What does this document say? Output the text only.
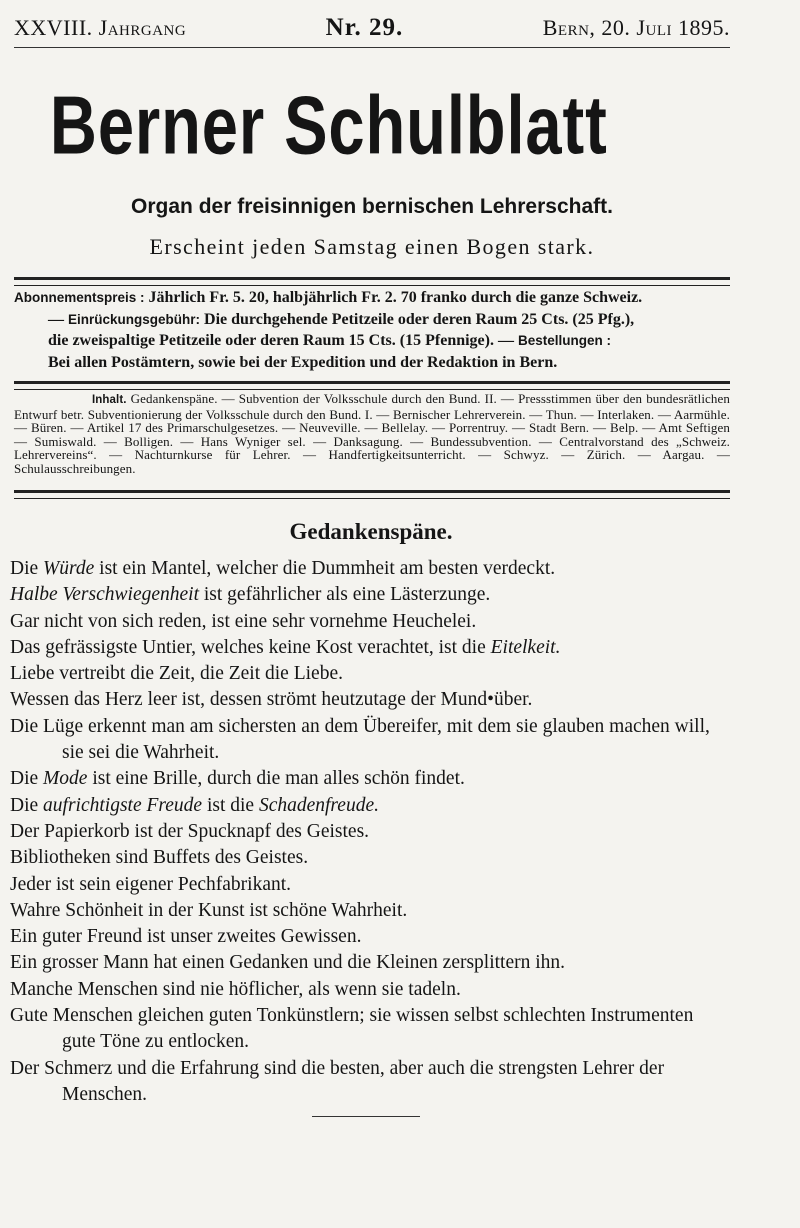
XXVIII. Jahrgang	Nr. 29.	Bern, 20. Juli 1895.
Berner Schulblatt
Organ der freisinnigen bernischen Lehrerschaft.
Erscheint jeden Samstag einen Bogen stark.

Abonnementspreis : Jährlich Fr. 5. 20, halbjährlich Fr. 2. 70 franko durch die ganze Schweiz.

— Einrückungsgebühr: Die durchgehende Petitzeile oder deren Raum 25 Cts. (25 Pfg.),

die zweispaltige Petitzeile oder deren Raum 15 Cts. (15 Pfennige). — Bestellungen :

Bei allen Postämtern, sowie bei der Expedition und der Redaktion in Bern.

Inhalt. Gedankenspäne. — Subvention der Volksschule durch den Bund. II. — Pressstimmen über den bundesrätlichen Entwurf betr. Subventionierung der Volksschule durch den Bund. I. — Bernischer Lehrerverein. — Thun. — Interlaken. — Aarmühle. — Büren. — Artikel 17 des Primarschulgesetzes. — Neuveville. — Bellelay. — Porrentruy. — Stadt Bern. — Belp. — Amt Seftigen — Sumiswald. — Bolligen. — Hans Wyniger sel. — Danksagung. — Bundessubvention. — Centralvorstand des „Schweiz. Lehrervereins“. — Nachturnkurse für Lehrer. — Handfertigkeitsunterricht. — Schwyz. — Zürich. — Aargau. — Schulausschreibungen.
Gedankenspäne.
Die Würde ist ein Mantel, welcher die Dummheit am besten verdeckt.
Halbe Verschwiegenheit ist gefährlicher als eine Lästerzunge.
Gar nicht von sich reden, ist eine sehr vornehme Heuchelei.
Das gefrässigste Untier, welches keine Kost verachtet, ist die Eitelkeit.
Liebe vertreibt die Zeit, die Zeit die Liebe.
Wessen das Herz leer ist, dessen strömt heutzutage der Mund•über.
Die Lüge erkennt man am sichersten an dem Übereifer, mit dem sie glauben machen will, sie sei die Wahrheit.
Die Mode ist eine Brille, durch die man alles schön findet.
Die aufrichtigste Freude ist die Schadenfreude.
Der Papierkorb ist der Spucknapf des Geistes.
Bibliotheken sind Buffets des Geistes.
Jeder ist sein eigener Pechfabrikant.
Wahre Schönheit in der Kunst ist schöne Wahrheit.
Ein guter Freund ist unser zweites Gewissen.
Ein grosser Mann hat einen Gedanken und die Kleinen zersplittern ihn.
Manche Menschen sind nie höflicher, als wenn sie tadeln.
Gute Menschen gleichen guten Tonkünstlern; sie wissen selbst schlechten Instrumenten gute Töne zu entlocken.
Der Schmerz und die Erfahrung sind die besten, aber auch die strengsten Lehrer der Menschen.
